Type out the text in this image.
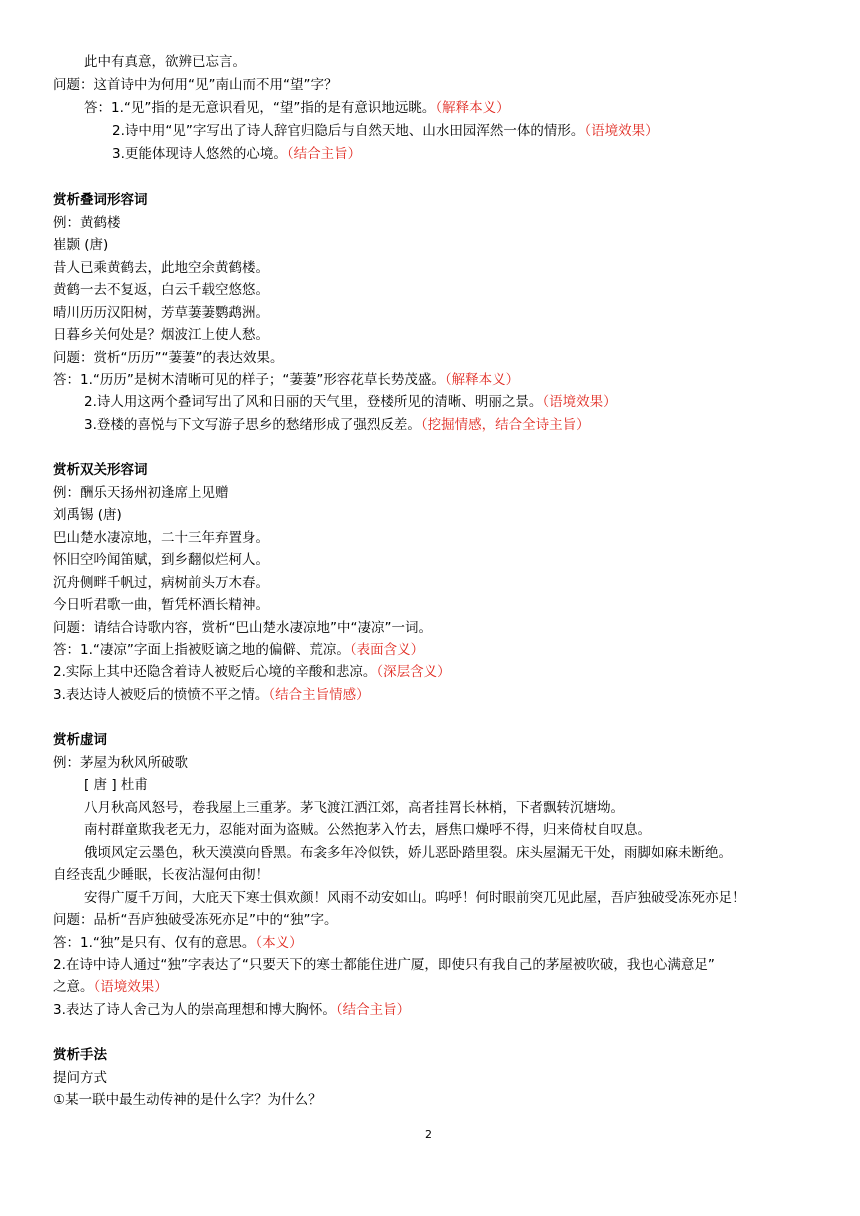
此中有真意，欲辨已忘言。
问题：这首诗中为何用“见”南山而不用“望”字？
答：1.“见”指的是无意识看见，“望”指的是有意识地远眺。（解释本义）
2.诗中用“见”字写出了诗人辞官归隐后与自然天地、山水田园浑然一体的情形。（语境效果）
3.更能体现诗人悠然的心境。（结合主旨）
赏析叠词形容词
例：黄鹤楼
崔颢 (唐)
昔人已乘黄鹤去，此地空余黄鹤楼。
黄鹤一去不复返，白云千载空悠悠。
晴川历历汉阳树，芳草萋萋鹦鹉洲。
日暮乡关何处是？烟波江上使人愁。
问题：赏析“历历”“萋萋”的表达效果。
答：1.“历历”是树木清晰可见的样子；“萋萋”形容花草长势茂盛。（解释本义）
2.诗人用这两个叠词写出了风和日丽的天气里，登楼所见的清晰、明丽之景。（语境效果）
3.登楼的喜悦与下文写游子思乡的愁绪形成了强烈反差。（挖掘情感，结合全诗主旨）
赏析双关形容词
例：酬乐天扬州初逢席上见赠
刘禹锡 (唐)
巴山楚水凄凉地，二十三年弃置身。
怀旧空吟闻笛赋，到乡翻似烂柯人。
沉舟侧畔千帆过，病树前头万木春。
今日听君歌一曲，暂凭杯酒长精神。
问题：请结合诗歌内容，赏析“巴山楚水凄凉地”中“凄凉”一词。
答：1.“凄凉”字面上指被贬谪之地的偏僻、荒凉。（表面含义）
2.实际上其中还隐含着诗人被贬后心境的辛酸和悲凉。（深层含义）
3.表达诗人被贬后的愤愤不平之情。（结合主旨情感）
赏析虚词
例：茅屋为秋风所破歌
[ 唐 ] 杜甫
八月秋高风怒号，卷我屋上三重茅。茅飞渡江洒江郊，高者挂罥长林梢，下者飘转沉塘坳。
南村群童欺我老无力，忍能对面为盗贼。公然抱茅入竹去，唇焦口燥呼不得，归来倚杖自叹息。
俄顷风定云墨色，秋天漠漠向昏黑。布衾多年冷似铁，娇儿恶卧踏里裂。床头屋漏无干处，雨脚如麻未断绝。
自经丧乱少睡眠，长夜沾湿何由彻！
安得广厦千万间，大庇天下寒士俱欢颜！风雨不动安如山。呜呼！何时眼前突兀见此屋，吾庐独破受冻死亦足！
问题：品析“吾庐独破受冻死亦足”中的“独”字。
答：1.“独”是只有、仅有的意思。（本义）
2.在诗中诗人通过“独”字表达了“只要天下的寒士都能住进广厦，即使只有我自己的茅屋被吹破，我也心满意足”
之意。（语境效果）
3.表达了诗人舍己为人的崇高理想和博大胸怀。（结合主旨）
赏析手法
提问方式
①某一联中最生动传神的是什么字？为什么？
2
